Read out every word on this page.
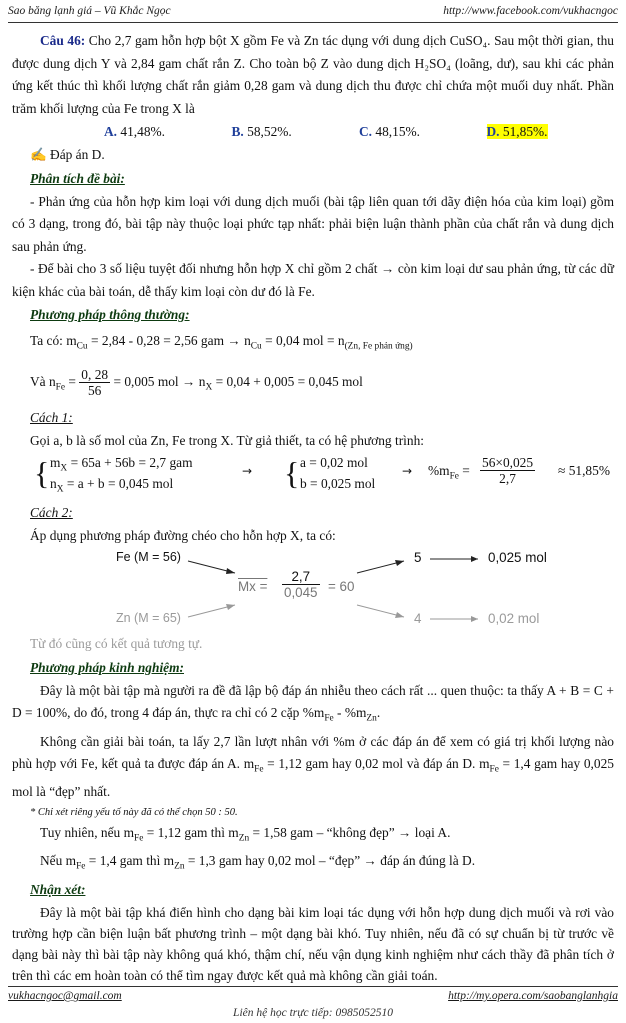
Sao băng lạnh giá – Vũ Khắc Ngọc	http://www.facebook.com/vukhacngoc

Câu 46: Cho 2,7 gam hỗn hợp bột X gồm Fe và Zn tác dụng với dung dịch CuSO₄. Sau một thời gian, thu được dung dịch Y và 2,84 gam chất rắn Z. Cho toàn bộ Z vào dung dịch H₂SO₄ (loãng, dư), sau khi các phản ứng kết thúc thì khối lượng chất rắn giảm 0,28 gam và dung dịch thu được chỉ chứa một muối duy nhất. Phần trăm khối lượng của Fe trong X là

A. 41,48%.	B. 58,52%.	C. 48,15%.	D. 51,85%.

✍ Đáp án D.

Phân tích đề bài:

- Phản ứng của hỗn hợp kim loại với dung dịch muối (bài tập liên quan tới dãy điện hóa của kim loại) gồm có 3 dạng, trong đó, bài tập này thuộc loại phức tạp nhất: phải biện luận thành phần của chất rắn và dung dịch sau phản ứng.

- Để bài cho 3 số liệu tuyệt đối nhưng hỗn hợp X chỉ gồm 2 chất → còn kim loại dư sau phản ứng, từ các dữ kiện khác của bài toán, dễ thấy kim loại còn dư đó là Fe.

Phương pháp thông thường:

Ta có: $m_{Cu} = 2,84 - 0,28 = 2,56$ gam → $n_{Cu} = 0,04$ mol = $n_{(Zn, Fe phản ứng)}$

Và $n_{Fe} = \frac{0, 28}{56} = 0,005$ mol → $n_X = 0,04 + 0,005 = 0,045$ mol

Cách 1:

Gọi a, b là số mol của Zn, Fe trong X. Từ giả thiết, ta có hệ phương trình:

{ $m_X = 65a + 56b = 2,7$ gam
$n_X = a + b = 0,045$ mol
→ { a = 0,02 mol
b = 0,025 mol
→ $\%m_{Fe} = \frac{56\times 0,025}{2,7} \approx 51,85\%$

Cách 2:

Áp dụng phương pháp đường chéo cho hỗn hợp X, ta có:

Fe (M = 56)
Zn (M = 65)
$Mx = \frac{2,7}{0,045} = 60$
5
4
0,025 mol
0,02 mol

Từ đó cũng có kết quả tương tự.

Phương pháp kinh nghiệm:

Đây là một bài tập mà người ra đề đã lập bộ đáp án nhiễu theo cách rất ... quen thuộc: ta thấy A + B = C + D = 100%, do đó, trong 4 đáp án, thực ra chỉ có 2 cặp $\%m_{Fe} - \%m_{Zn}$.

Không cần giải bài toán, ta lấy 2,7 lần lượt nhân với %m ở các đáp án để xem có giá trị khối lượng nào phù hợp với Fe, kết quả ta được đáp án A. $m_{Fe} = 1,12$ gam hay 0,02 mol và đáp án D. $m_{Fe} = 1,4$ gam hay 0,025 mol là “đẹp” nhất.

* Chỉ xét riêng yếu tố này đã có thể chọn 50 : 50.

Tuy nhiên, nếu $m_{Fe} = 1,12$ gam thì $m_{Zn} = 1,58$ gam – “không đẹp” → loại A.

Nếu $m_{Fe} = 1,4$ gam thì $m_{Zn} = 1,3$ gam hay 0,02 mol – “đẹp” → đáp án đúng là D.

Nhận xét:

Đây là một bài tập khá điển hình cho dạng bài kim loại tác dụng với hỗn hợp dung dịch muối và rơi vào trường hợp cần biện luận bất phương trình – một dạng bài khó. Tuy nhiên, nếu đã có sự chuẩn bị từ trước về dạng bài này thì bài tập này không quá khó, thậm chí, nếu vận dụng kinh nghiệm như cách thầy đã phân tích ở trên thì các em hoàn toàn có thể tìm ngay được kết quả mà không cần giải toán.

vukhacngoc@gmail.com	http://my.opera.com/saobanglanhgia
Liên hệ học trực tiếp: 0985052510
